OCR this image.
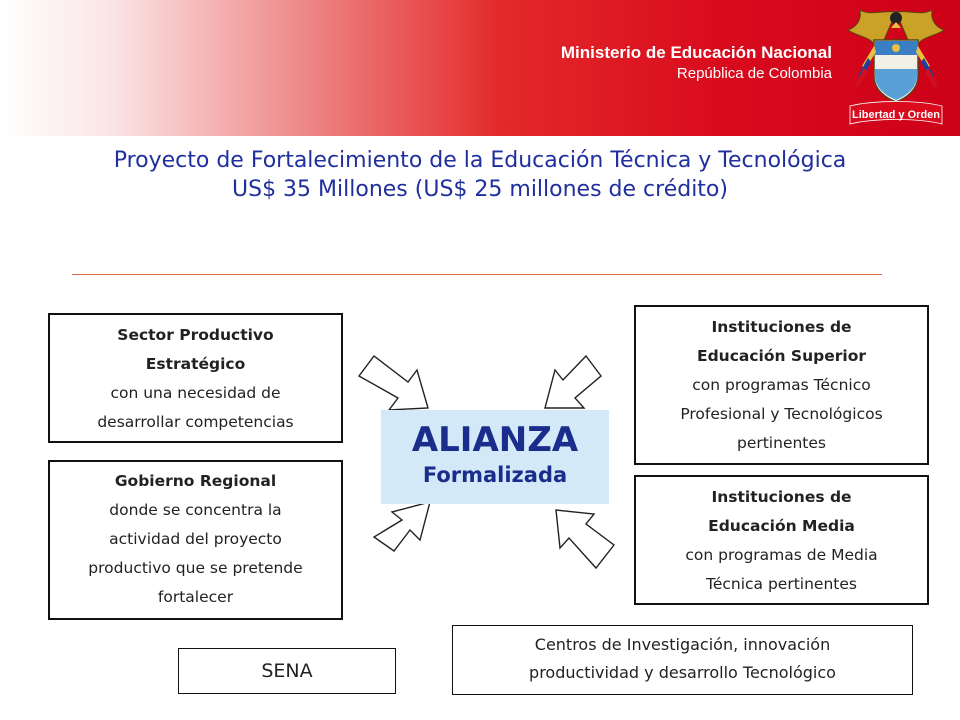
Ministerio de Educación Nacional
República de Colombia
Libertad y Orden
Proyecto de Fortalecimiento de la Educación Técnica y Tecnológica
US$ 35 Millones (US$ 25 millones de crédito)
ALIANZA
Formalizada
Sector Productivo
Estratégico
con una necesidad de
desarrollar competencias
Gobierno Regional
donde se concentra la
actividad del proyecto
productivo que se pretende
fortalecer
Instituciones de
Educación Superior
con programas Técnico
Profesional y Tecnológicos
pertinentes
Instituciones de
Educación Media
con programas de Media
Técnica pertinentes
SENA
Centros de Investigación, innovación
productividad y desarrollo Tecnológico
